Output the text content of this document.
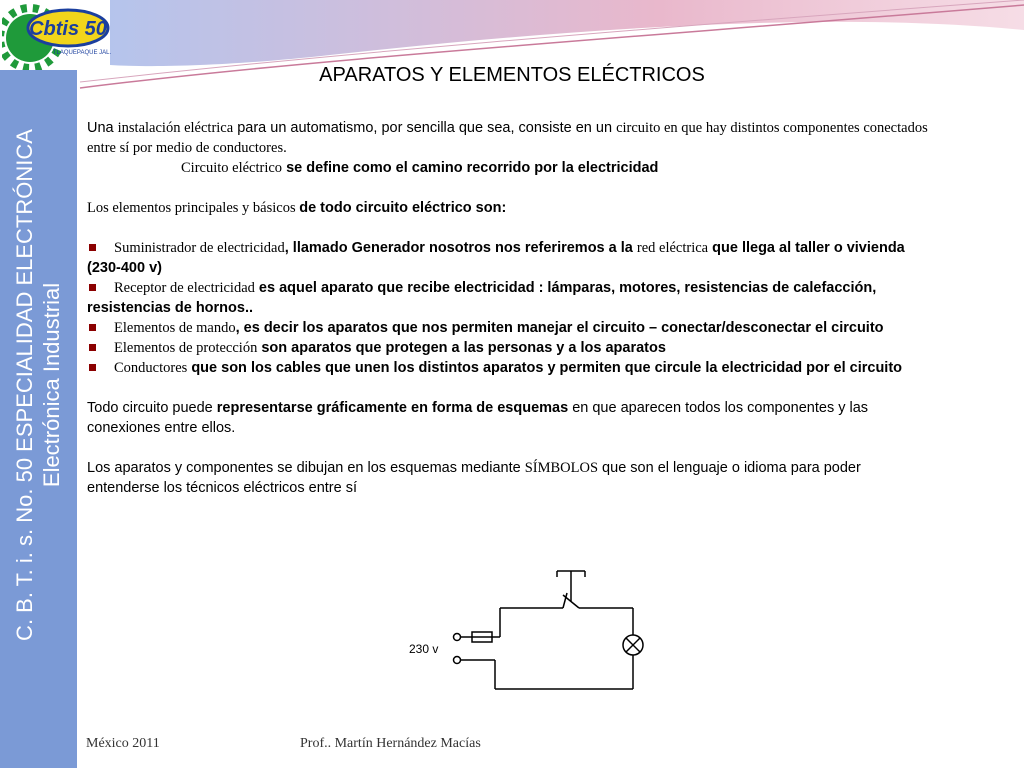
C. B. T. i. s. No. 50 ESPECIALIDAD ELECTRÓNICA Electrónica Industrial
Cbtis 50
TLAQUEPAQUE JAL.
APARATOS Y ELEMENTOS ELÉCTRICOS

Una instalación eléctrica para un automatismo, por sencilla que sea, consiste en un circuito en que hay distintos componentes conectados entre sí por medio de conductores.

Circuito eléctrico se define como el camino recorrido por la electricidad

Los elementos principales y básicos de todo circuito eléctrico son:

Suministrador de electricidad, llamado Generador nosotros nos referiremos a la red eléctrica que llega al taller o vivienda (230-400 v)

Receptor de electricidad es aquel aparato que recibe electricidad : lámparas, motores, resistencias de calefacción, resistencias de hornos..

Elementos de mando, es decir los aparatos que nos permiten manejar el circuito – conectar/desconectar el circuito

Elementos de protección son aparatos que protegen a las personas y a los aparatos

Conductores que son los cables que unen los distintos aparatos y permiten que circule la electricidad por el circuito

Todo circuito puede representarse gráficamente en forma de esquemas en que aparecen todos los componentes y las conexiones entre ellos.

Los aparatos y componentes se dibujan en los esquemas mediante SÍMBOLOS que son el lenguaje o idioma para poder entenderse los técnicos eléctricos entre sí

230 v
México 2011	Prof.. Martín Hernández Macías
